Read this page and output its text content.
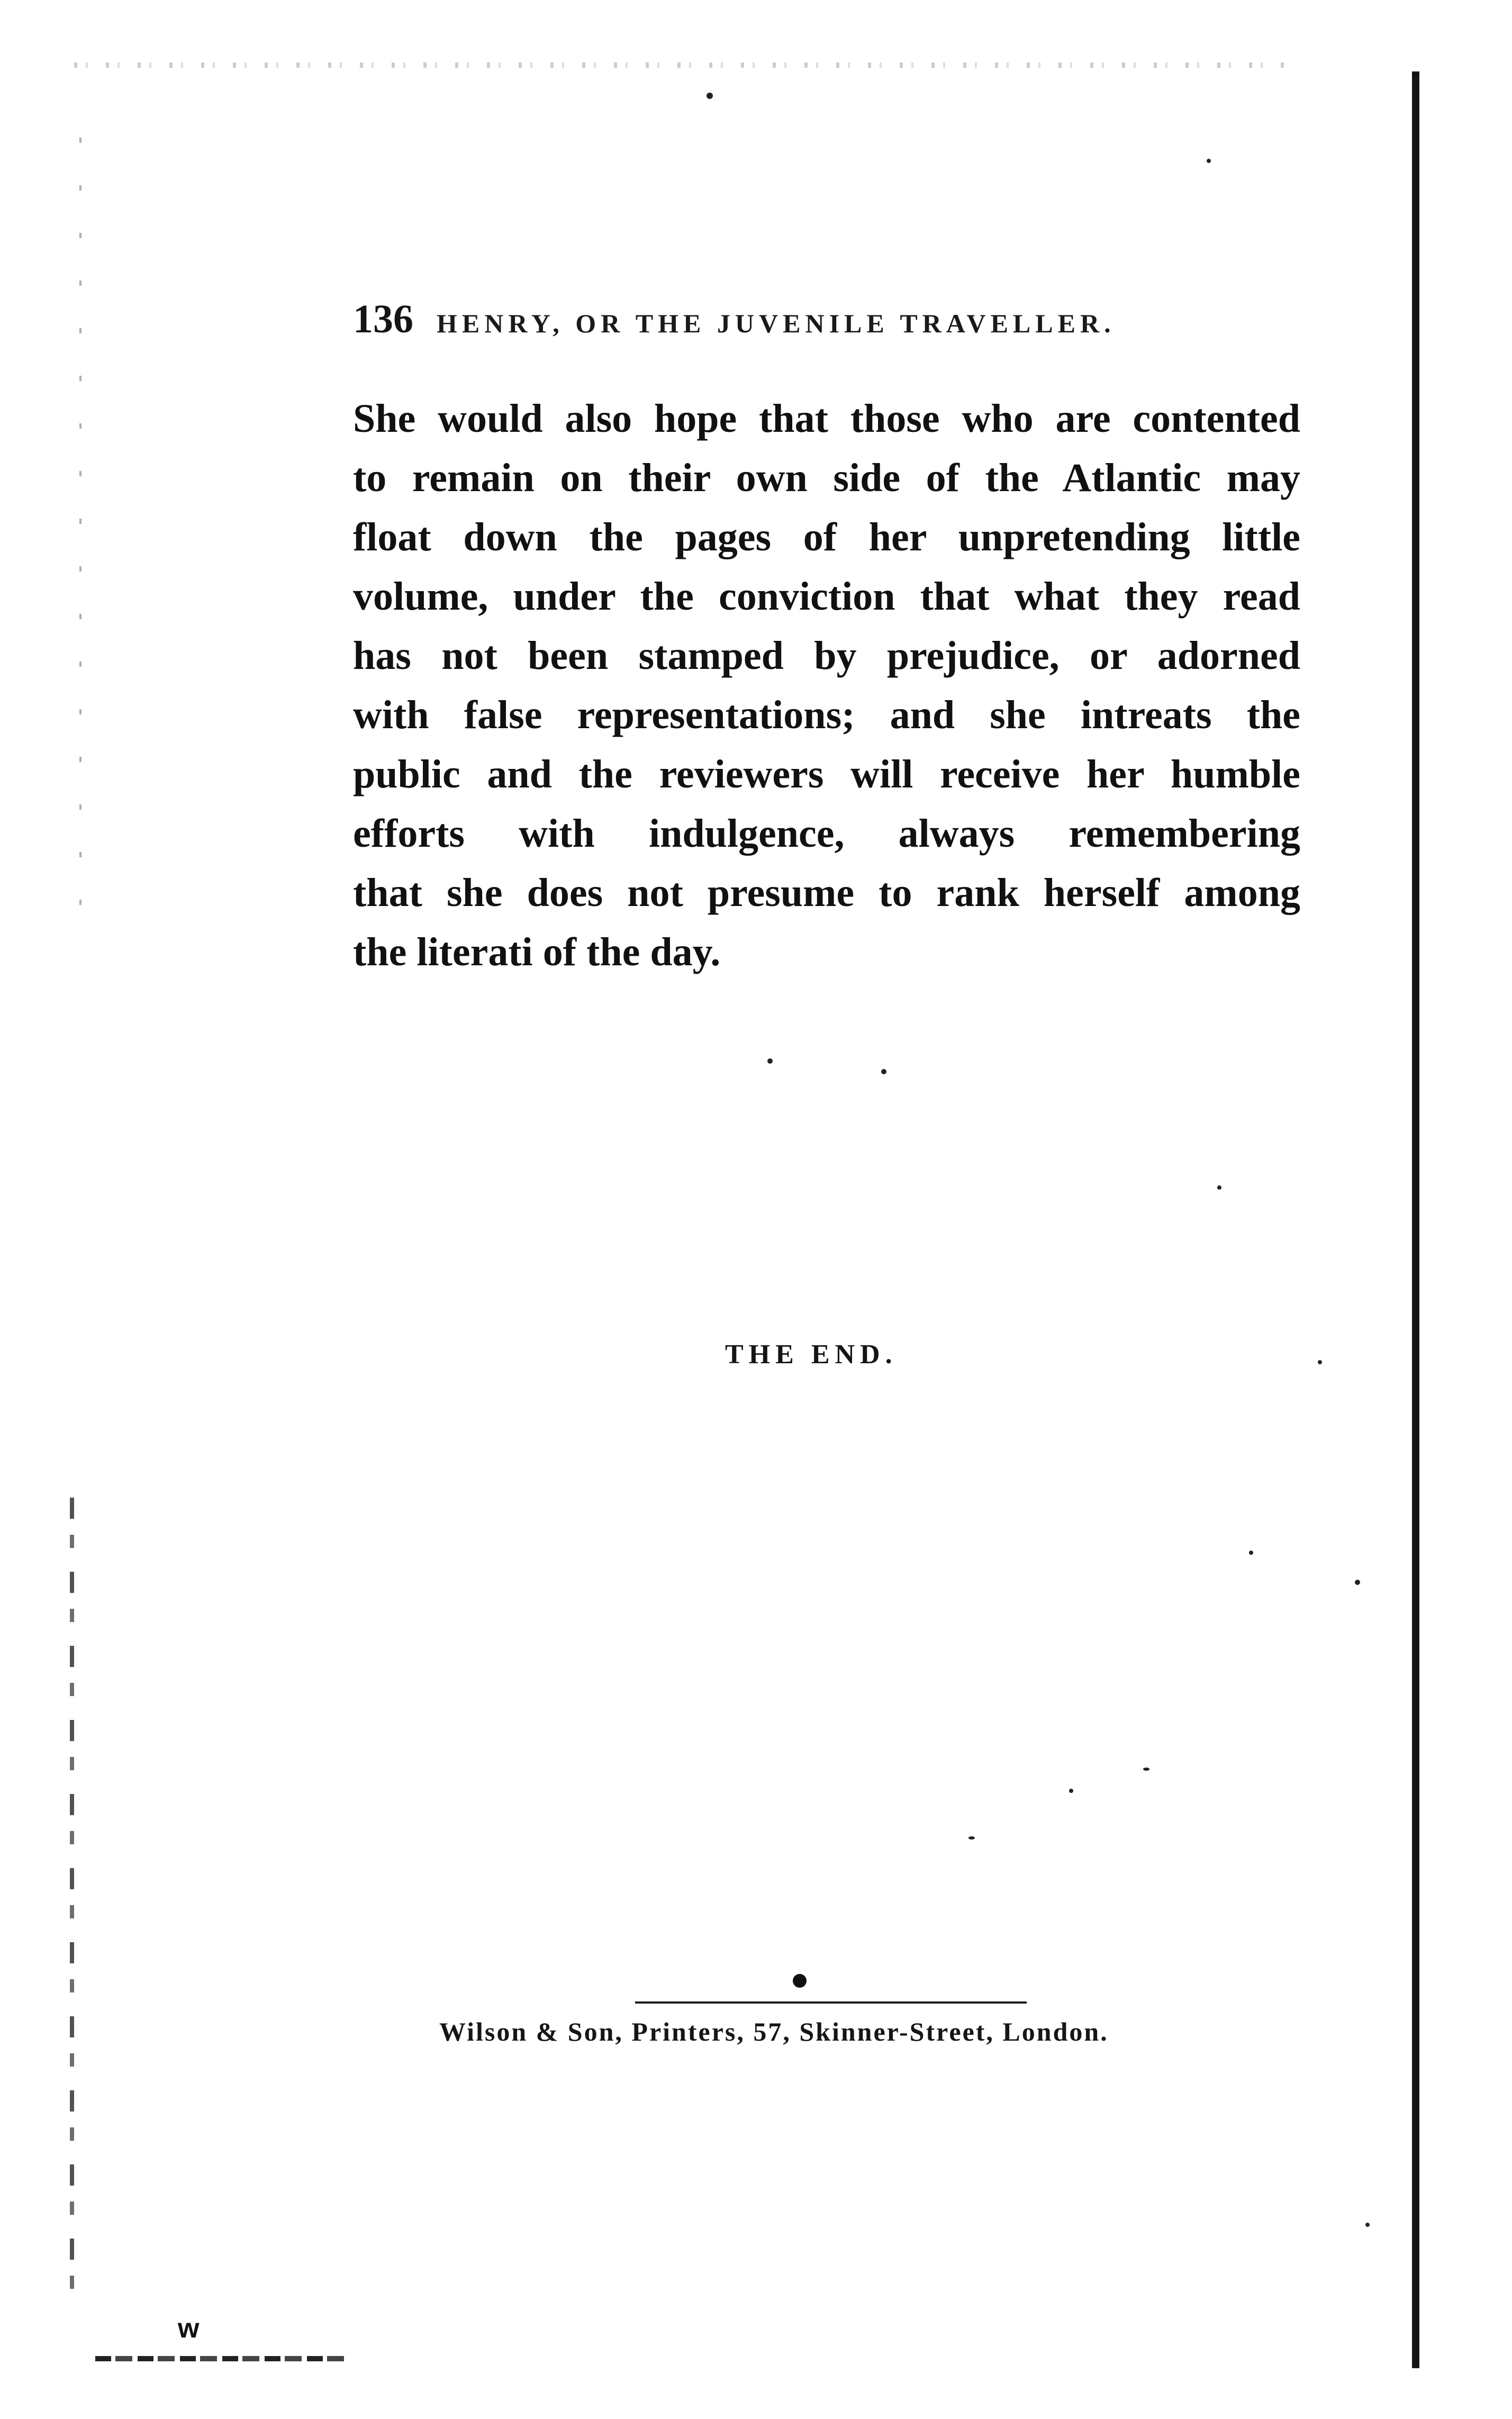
136 HENRY, OR THE JUVENILE TRAVELLER.
She would also hope that those who are contented
to remain on their own side of the Atlantic may
float down the pages of her unpretending little
volume, under the conviction that what they read
has not been stamped by prejudice, or adorned
with false representations; and she intreats the
public and the reviewers will receive her humble
efforts with indulgence, always remembering
that she does not presume to rank herself among
the literati of the day.
THE END.
Wilson & Son, Printers, 57, Skinner-Street, London.
w
